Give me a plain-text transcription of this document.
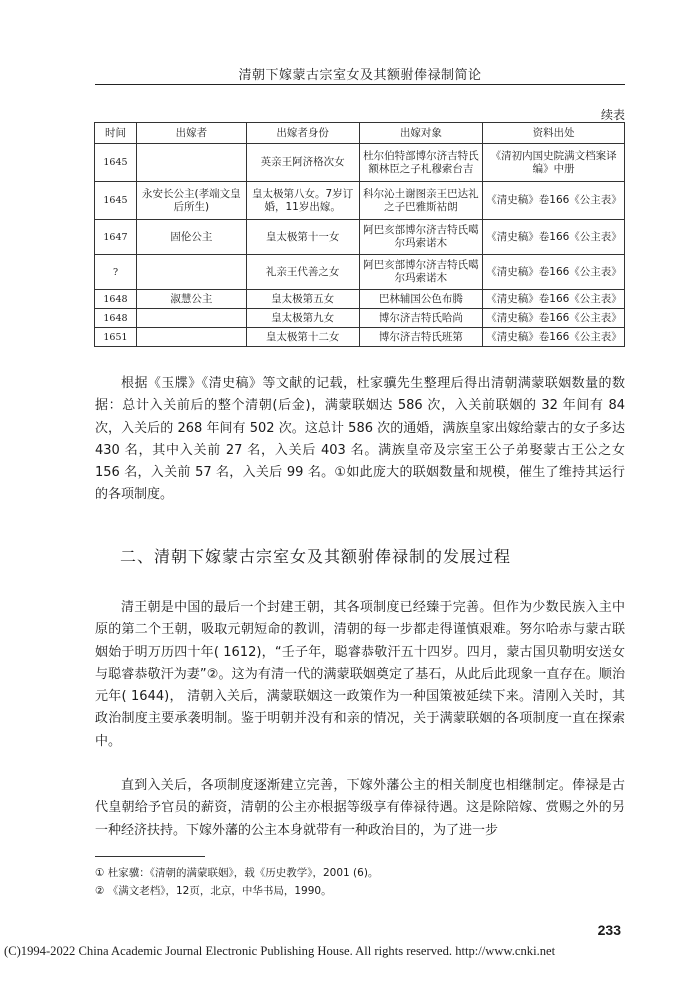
清朝下嫁蒙古宗室女及其额驸俸禄制简论
续表
时间	出嫁者	出嫁者身份	出嫁对象	资料出处
1645		英亲王阿济格次女	杜尔伯特部博尔济吉特氏额林臣之子札穆索台吉	《清初内国史院满文档案译编》中册
1645	永安长公主(孝端文皇后所生)	皇太极第八女。7岁订婚，11岁出嫁。	科尔沁土谢图亲王巴达礼之子巴雅斯祜朗	《清史稿》卷166《公主表》
1647	固伦公主	皇太极第十一女	阿巴亥部博尔济吉特氏噶尔玛索诺木	《清史稿》卷166《公主表》
?		礼亲王代善之女	阿巴亥部博尔济吉特氏噶尔玛索诺木	《清史稿》卷166《公主表》
1648	淑慧公主	皇太极第五女	巴林辅国公色布腾	《清史稿》卷166《公主表》
1648		皇太极第九女	博尔济吉特氏哈尚	《清史稿》卷166《公主表》
1651		皇太极第十二女	博尔济吉特氏班第	《清史稿》卷166《公主表》

根据《玉牒》《清史稿》等文献的记载，杜家骥先生整理后得出清朝满蒙联姻数量的数据：总计入关前后的整个清朝(后金)，满蒙联姻达 586 次，入关前联姻的 32 年间有 84 次，入关后的 268 年间有 502 次。这总计 586 次的通婚，满族皇家出嫁给蒙古的女子多达 430 名，其中入关前 27 名，入关后 403 名。满族皇帝及宗室王公子弟娶蒙古王公之女 156 名，入关前 57 名，入关后 99 名。①如此庞大的联姻数量和规模，催生了维持其运行的各项制度。

二、清朝下嫁蒙古宗室女及其额驸俸禄制的发展过程

清王朝是中国的最后一个封建王朝，其各项制度已经臻于完善。但作为少数民族入主中原的第二个王朝，吸取元朝短命的教训，清朝的每一步都走得谨慎艰难。努尔哈赤与蒙古联姻始于明万历四十年( 1612)，“壬子年，聪睿恭敬汗五十四岁。四月，蒙古国贝勒明安送女与聪睿恭敬汗为妻”②。这为有清一代的满蒙联姻奠定了基石，从此后此现象一直存在。顺治元年( 1644)， 清朝入关后，满蒙联姻这一政策作为一种国策被延续下来。清刚入关时，其政治制度主要承袭明制。鉴于明朝并没有和亲的情况，关于满蒙联姻的各项制度一直在探索中。

直到入关后，各项制度逐渐建立完善，下嫁外藩公主的相关制度也相继制定。俸禄是古代皇朝给予官员的薪资，清朝的公主亦根据等级享有俸禄待遇。这是除陪嫁、赏赐之外的另一种经济扶持。下嫁外藩的公主本身就带有一种政治目的，为了进一步

① 杜家骥：《清朝的满蒙联姻》，载《历史教学》，2001 (6)。
② 《满文老档》，12页，北京，中华书局，1990。
233
(C)1994-2022 China Academic Journal Electronic Publishing House. All rights reserved. http://www.cnki.net
